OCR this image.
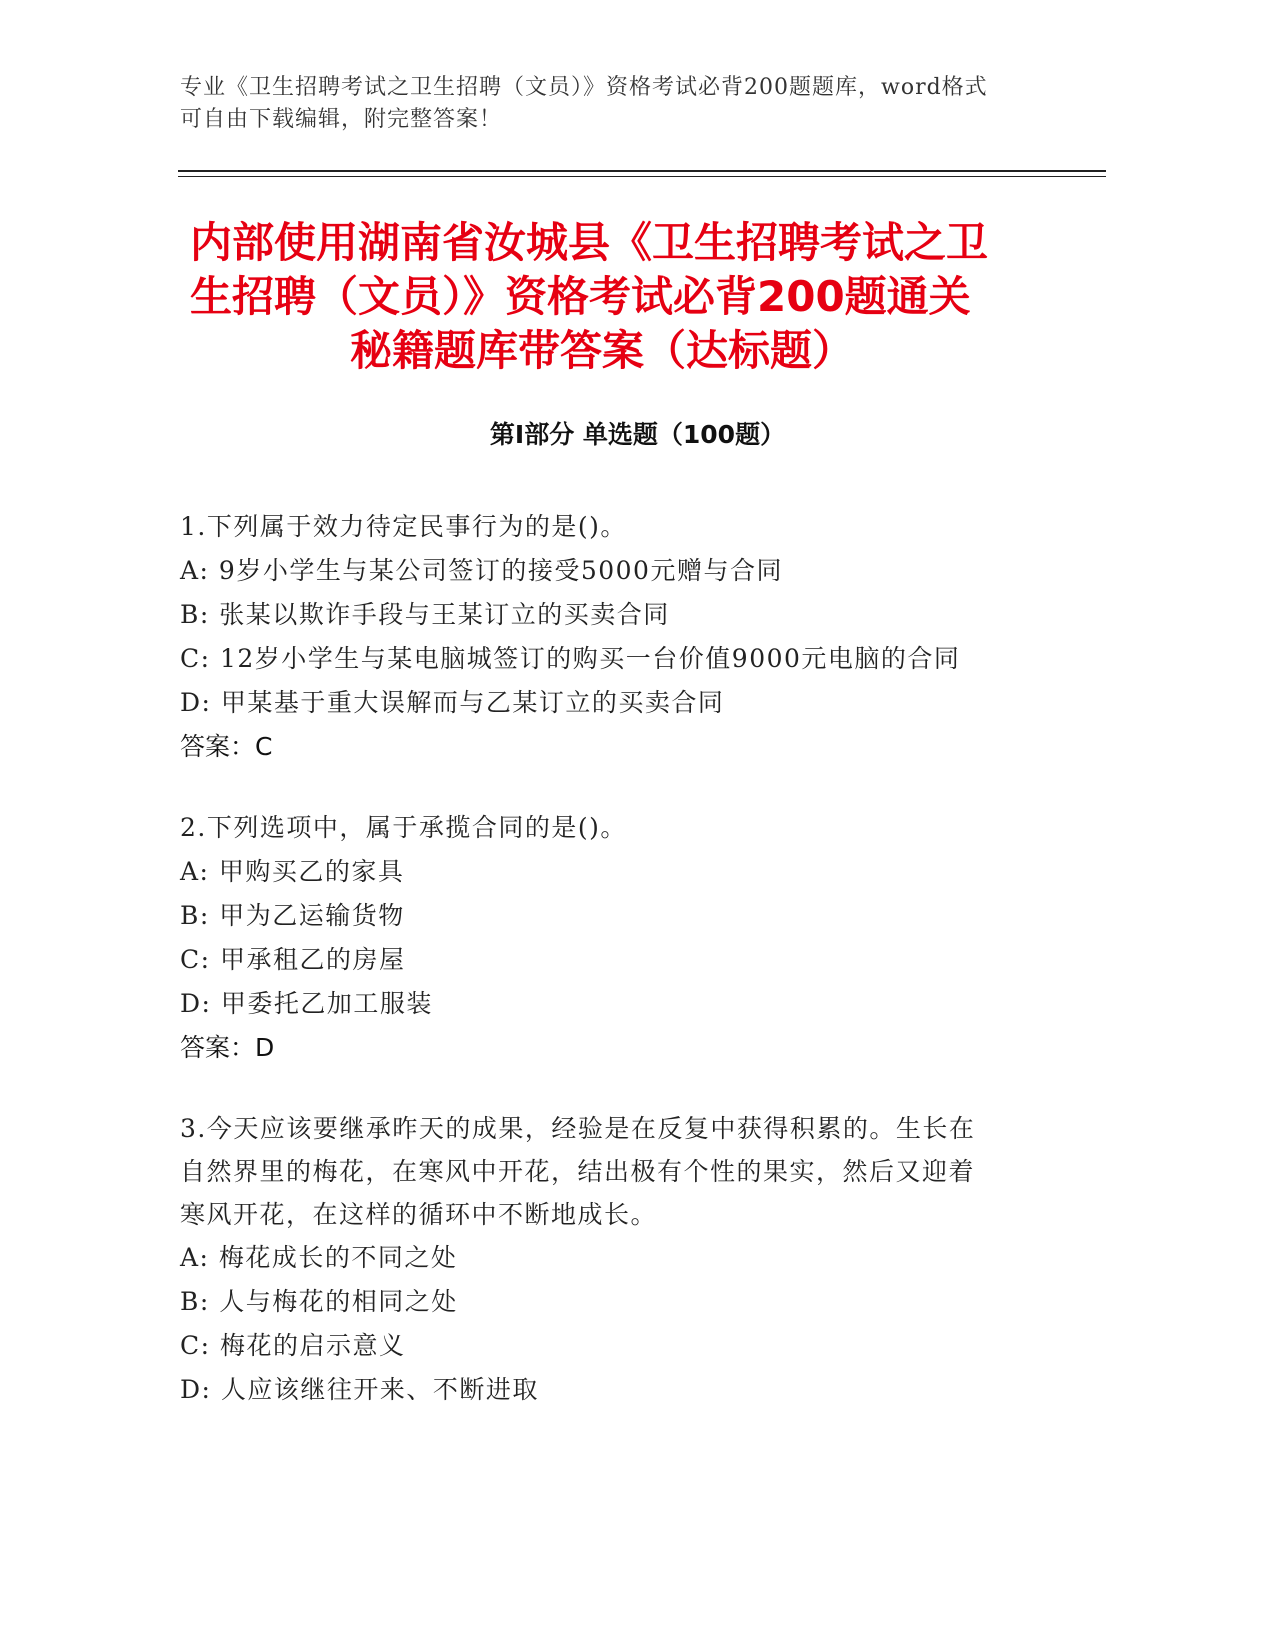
专业《卫生招聘考试之卫生招聘（文员）》资格考试必背200题题库，word格式
可自由下载编辑，附完整答案！
内部使用湖南省汝城县《卫生招聘考试之卫
生招聘（文员）》资格考试必背200题通关
秘籍题库带答案（达标题）
第Ⅰ部分 单选题（100题）

1.下列属于效力待定民事行为的是()。

A: 9岁小学生与某公司签订的接受5000元赠与合同

B: 张某以欺诈手段与王某订立的买卖合同

C: 12岁小学生与某电脑城签订的购买一台价值9000元电脑的合同

D: 甲某基于重大误解而与乙某订立的买卖合同

答案：C

2.下列选项中，属于承揽合同的是()。

A: 甲购买乙的家具

B: 甲为乙运输货物

C: 甲承租乙的房屋

D: 甲委托乙加工服装

答案：D

3.今天应该要继承昨天的成果，经验是在反复中获得积累的。生长在

自然界里的梅花，在寒风中开花，结出极有个性的果实，然后又迎着

寒风开花，在这样的循环中不断地成长。

A: 梅花成长的不同之处

B: 人与梅花的相同之处

C: 梅花的启示意义

D: 人应该继往开来、不断进取
